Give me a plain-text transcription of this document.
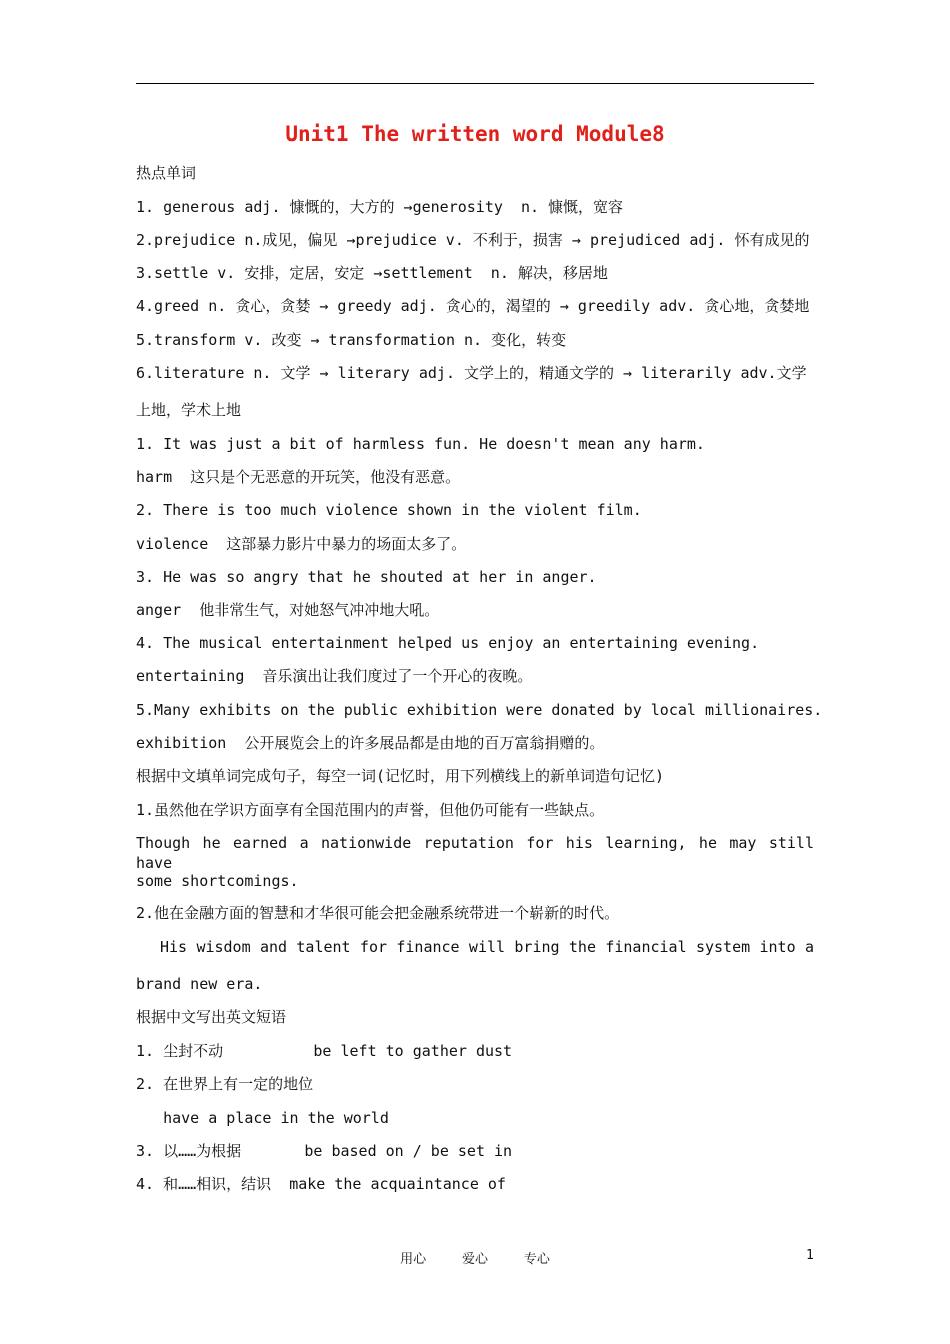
Unit1 The written word Module8
热点单词
1. generous adj. 慷慨的，大方的 →generosity  n. 慷慨，宽容
2.prejudice n.成见，偏见 →prejudice v. 不利于，损害 → prejudiced adj. 怀有成见的
3.settle v. 安排，定居，安定 →settlement  n. 解决，移居地
4.greed n. 贪心，贪婪 → greedy adj. 贪心的，渴望的 → greedily adv. 贪心地，贪婪地
5.transform v. 改变 → transformation n. 变化，转变
6.literature n. 文学 → literary adj. 文学上的，精通文学的 → literarily adv.文学
上地，学术上地
1. It was just a bit of harmless fun. He doesn't mean any harm.
harm  这只是个无恶意的开玩笑，他没有恶意。
2. There is too much violence shown in the violent film.
violence  这部暴力影片中暴力的场面太多了。
3. He was so angry that he shouted at her in anger.
anger  他非常生气，对她怒气冲冲地大吼。
4. The musical entertainment helped us enjoy an entertaining evening.
entertaining  音乐演出让我们度过了一个开心的夜晚。
5.Many exhibits on the public exhibition were donated by local millionaires.
exhibition  公开展览会上的许多展品都是由地的百万富翁捐赠的。
根据中文填单词完成句子，每空一词(记忆时，用下列横线上的新单词造句记忆)
1.虽然他在学识方面享有全国范围内的声誉，但他仍可能有一些缺点。
Though he earned a nationwide reputation for his learning, he may still have
some shortcomings.
2.他在金融方面的智慧和才华很可能会把金融系统带进一个崭新的时代。
His wisdom and talent for finance will bring the financial system into a
brand new era.
根据中文写出英文短语
1. 尘封不动          be left to gather dust
2. 在世界上有一定的地位
have a place in the world
3. 以……为根据       be based on / be set in
4. 和……相识，结识  make the acquaintance of
用心 爱心 专心	1
